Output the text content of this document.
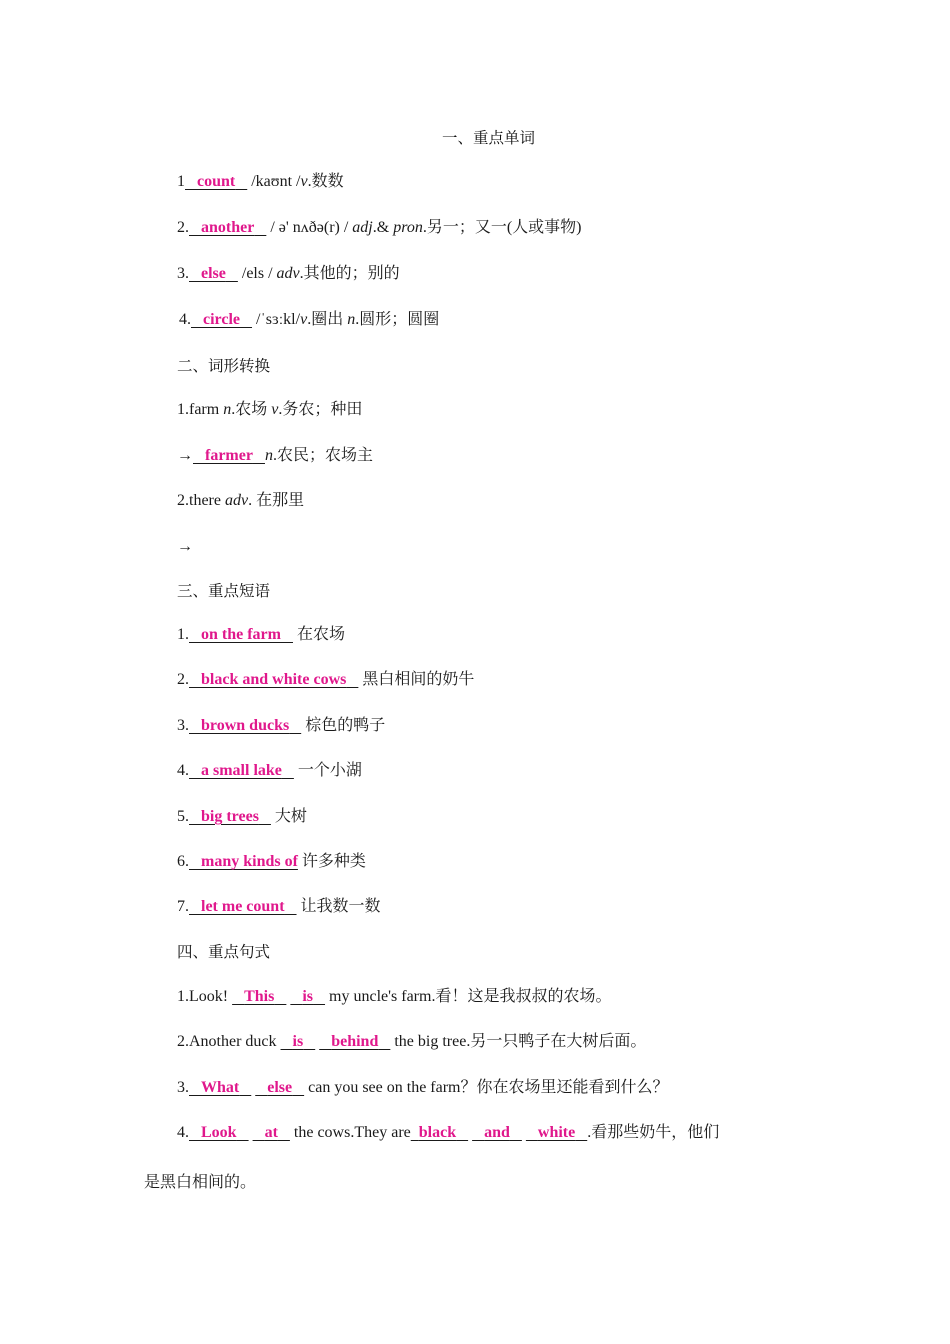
一、重点单词
1​   count    /kaʊnt /v.数数
2. another    / ə' nʌðə(r) / adj.& pron.另一；又一(人或事物)
3. else    /els / adv.其他的；别的
4. circle    /ˈsɜːkl/v.圈出 n.圆形；圆圈
二、词形转换
1.farm n.农场 v.务农；种田
→ farmer n.农民；农场主
2.there adv. 在那里
→
三、重点短语
1. on the farm    在农场
2. black and white cows    黑白相间的奶牛
3. brown ducks    棕色的鸭子
4. a small lake    一个小湖
5. big trees    大树
6. many kinds of 许多种类
7. let me count    让我数一数
四、重点句式
1.Look!    This is    my uncle's farm.看！这是我叔叔的农场。
2.Another duck    is behind    the big tree.另一只鸭子在大树后面。
3. What else    can you see on the farm？你在农场里还能看到什么？
4. Look at    the cows.They are black and white .看那些奶牛，他们
是黑白相间的。
